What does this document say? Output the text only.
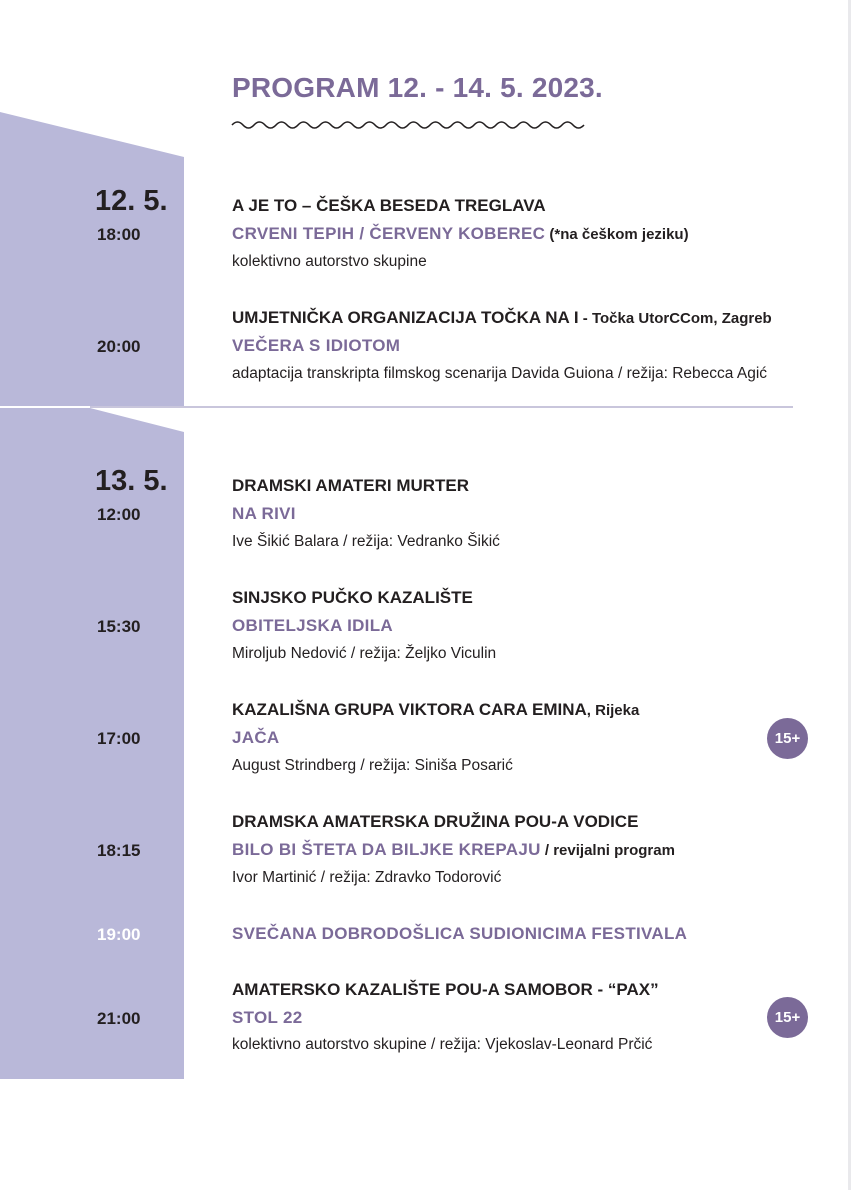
PROGRAM 12. - 14. 5. 2023.
12. 5.
18:00
A JE TO – ČEŠKA BESEDA TREGLAVA
CRVENI TEPIH / ČERVENY KOBEREC (*na češkom jeziku)
kolektivno autorstvo skupine
20:00
UMJETNIČKA ORGANIZACIJA TOČKA NA I - Točka UtorCCom, Zagreb
VEČERA S IDIOTOM
adaptacija transkripta filmskog scenarija Davida Guiona / režija: Rebecca Agić
13. 5.
12:00
DRAMSKI AMATERI MURTER
NA RIVI
Ive Šikić Balara / režija: Vedranko Šikić
15:30
SINJSKO PUČKO KAZALIŠTE
OBITELJSKA IDILA
Miroljub Nedović / režija: Željko Viculin
17:00
KAZALIŠNA GRUPA VIKTORA CARA EMINA, Rijeka
JAČA
August Strindberg / režija: Siniša Posarić
15+
18:15
DRAMSKA AMATERSKA DRUŽINA POU-A VODICE
BILO BI ŠTETA DA BILJKE KREPAJU / revijalni program
Ivor Martinić / režija: Zdravko Todorović
19:00	SVEČANA DOBRODOŠLICA SUDIONICIMA FESTIVALA
21:00
AMATERSKO KAZALIŠTE POU-A SAMOBOR - “PAX”
STOL 22
kolektivno autorstvo skupine / režija: Vjekoslav-Leonard Prčić
15+
